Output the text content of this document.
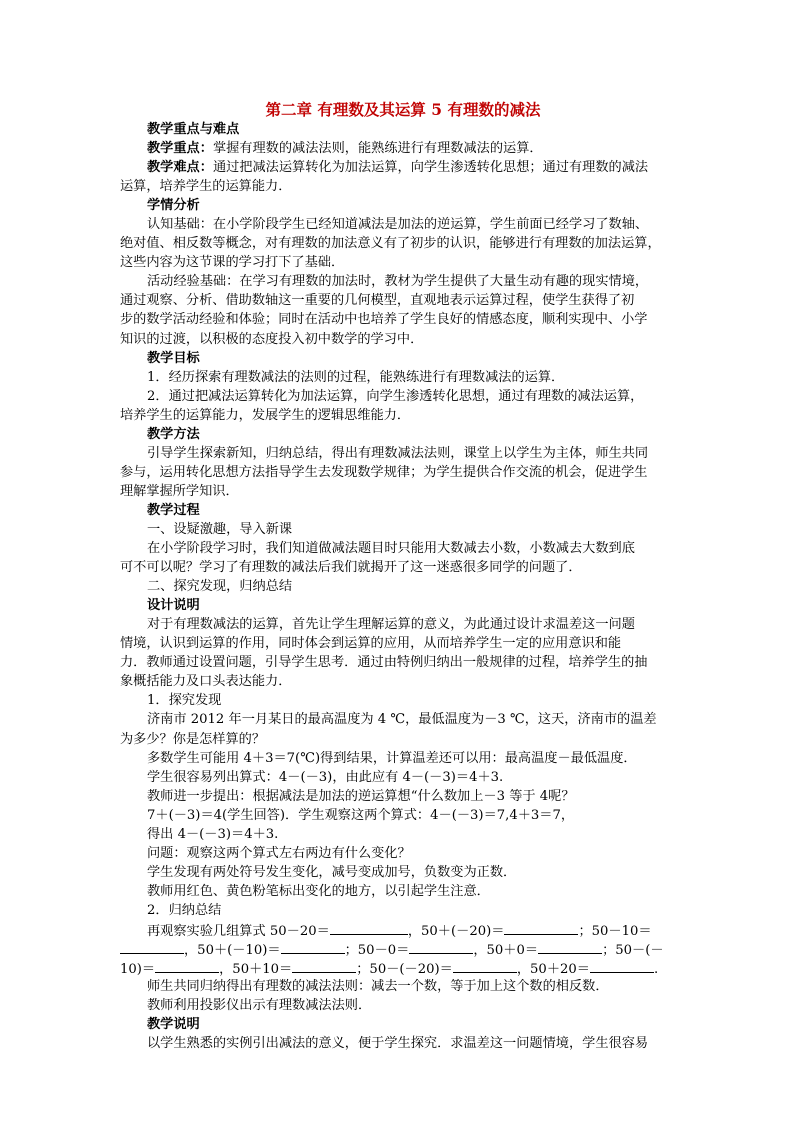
第二章 有理数及其运算 5 有理数的减法
教学重点与难点
教学重点：掌握有理数的减法法则，能熟练进行有理数减法的运算．
教学难点：通过把减法运算转化为加法运算，向学生渗透转化思想；通过有理数的减法
运算，培养学生的运算能力．
学情分析
认知基础：在小学阶段学生已经知道减法是加法的逆运算，学生前面已经学习了数轴、
绝对值、相反数等概念，对有理数的加法意义有了初步的认识，能够进行有理数的加法运算，
这些内容为这节课的学习打下了基础．
活动经验基础：在学习有理数的加法时，教材为学生提供了大量生动有趣的现实情境，
通过观察、分析、借助数轴这一重要的几何模型，直观地表示运算过程，使学生获得了初
步的数学活动经验和体验；同时在活动中也培养了学生良好的情感态度，顺利实现中、小学
知识的过渡，以积极的态度投入初中数学的学习中．
教学目标
1．经历探索有理数减法的法则的过程，能熟练进行有理数减法的运算．
2．通过把减法运算转化为加法运算，向学生渗透转化思想，通过有理数的减法运算，
培养学生的运算能力，发展学生的逻辑思维能力．
教学方法
引导学生探索新知，归纳总结，得出有理数减法法则，课堂上以学生为主体，师生共同
参与，运用转化思想方法指导学生去发现数学规律；为学生提供合作交流的机会，促进学生
理解掌握所学知识．
教学过程
一、设疑激趣，导入新课
在小学阶段学习时，我们知道做减法题目时只能用大数减去小数，小数减去大数到底
可不可以呢？学习了有理数的减法后我们就揭开了这一迷惑很多同学的问题了．
二、探究发现，归纳总结
设计说明
对于有理数减法的运算，首先让学生理解运算的意义，为此通过设计求温差这一问题
情境，认识到运算的作用，同时体会到运算的应用，从而培养学生一定的应用意识和能
力．教师通过设置问题，引导学生思考．通过由特例归纳出一般规律的过程，培养学生的抽
象概括能力及口头表达能力．
1．探究发现
济南市 2012 年一月某日的最高温度为 4 ℃，最低温度为－3 ℃，这天，济南市的温差
为多少？你是怎样算的？
多数学生可能用 4＋3＝7(℃)得到结果，计算温差还可以用：最高温度－最低温度．
学生很容易列出算式：4－(－3)，由此应有 4－(－3)＝4＋3.
教师进一步提出：根据减法是加法的逆运算想“什么数加上－3 等于 4呢？
7＋(－3)＝4(学生回答)．学生观察这两个算式：4－(－3)＝7,4＋3＝7，
得出 4－(－3)＝4＋3.
问题：观察这两个算式左右两边有什么变化？
学生发现有两处符号发生变化，减号变成加号，负数变为正数．
教师用红色、黄色粉笔标出变化的地方，以引起学生注意．
2．归纳总结
再观察实验几组算式 50－20＝	，50＋(－20)＝	；50－10＝
，50＋(－10)＝	；50－0＝	，50＋0＝	；50－(－
10)＝	，50＋10＝	；50－(－20)＝	，50＋20＝	.
师生共同归纳得出有理数的减法法则：减去一个数，等于加上这个数的相反数．
教师利用投影仪出示有理数减法法则．
教学说明
以学生熟悉的实例引出减法的意义，便于学生探究．求温差这一问题情境，学生很容易
